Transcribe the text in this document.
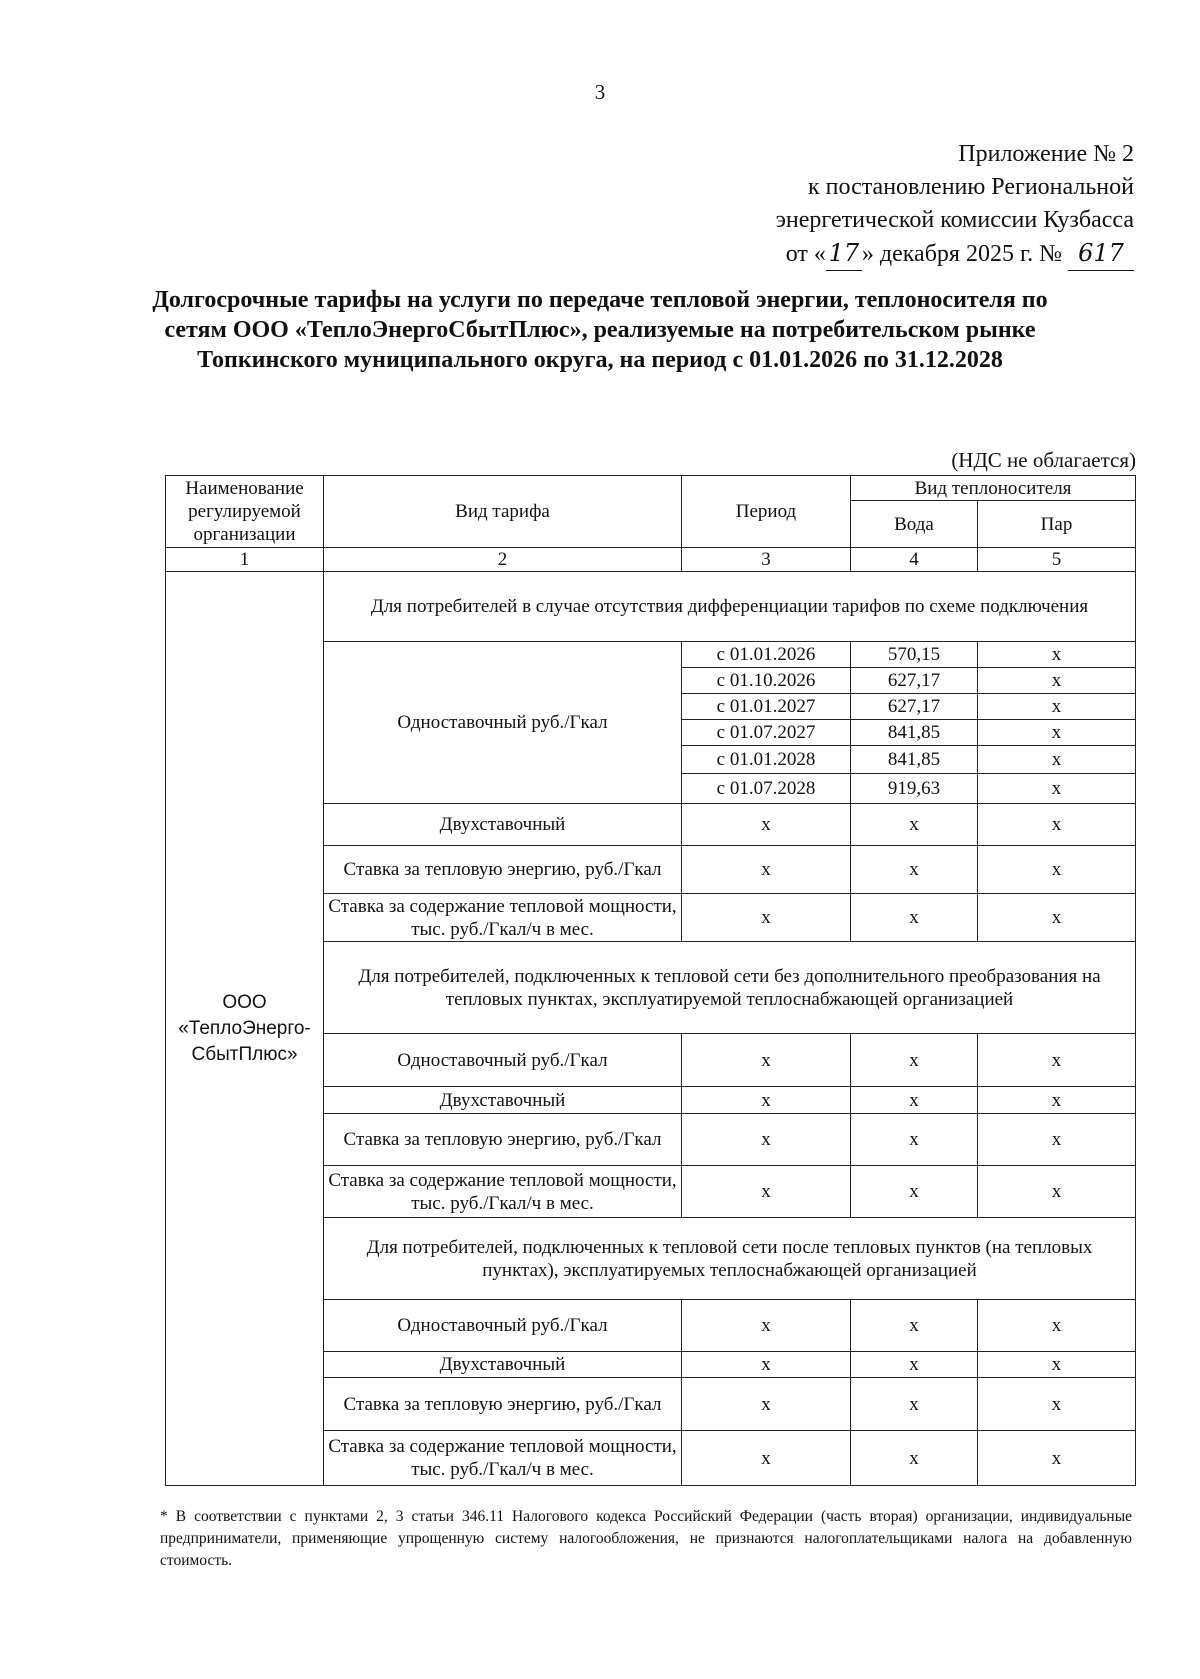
3
Приложение № 2
к постановлению Региональной
энергетической комиссии Кузбасса
от « 17 » декабря 2025 г. № 617
Долгосрочные тарифы на услуги по передаче тепловой энергии, теплоносителя по сетям ООО «ТеплоЭнергоСбытПлюс», реализуемые на потребительском рынке Топкинского муниципального округа, на период с 01.01.2026 по 31.12.2028
(НДС не облагается)
Наименование регулируемой организации	Вид тарифа	Период	Вид теплоносителя	
			Вода	Пар
1	2	3	4	5
ООО «ТеплоЭнерго-СбытПлюс»	Для потребителей в случае отсутствия дифференциации тарифов по схеме подключения			
	Одноставочный руб./Гкал	с 01.01.2026	570,15	x
		с 01.10.2026	627,17	x
		с 01.01.2027	627,17	x
		с 01.07.2027	841,85	x
		с 01.01.2028	841,85	x
		с 01.07.2028	919,63	x
	Двухставочный	x	x	x
	Ставка за тепловую энергию, руб./Гкал	x	x	x
	Ставка за содержание тепловой мощности, тыс. руб./Гкал/ч в мес.	x	x	x
	Для потребителей, подключенных к тепловой сети без дополнительного преобразования на тепловых пунктах, эксплуатируемой теплоснабжающей организацией			
	Одноставочный руб./Гкал	x	x	x
	Двухставочный	x	x	x
	Ставка за тепловую энергию, руб./Гкал	x	x	x
	Ставка за содержание тепловой мощности, тыс. руб./Гкал/ч в мес.	x	x	x
	Для потребителей, подключенных к тепловой сети после тепловых пунктов (на тепловых пунктах), эксплуатируемых теплоснабжающей организацией			
	Одноставочный руб./Гкал	x	x	x
	Двухставочный	x	x	x
	Ставка за тепловую энергию, руб./Гкал	x	x	x
	Ставка за содержание тепловой мощности, тыс. руб./Гкал/ч в мес.	x	x	x
* В соответствии с пунктами 2, 3 статьи 346.11 Налогового кодекса Российский Федерации (часть вторая) организации, индивидуальные предприниматели, применяющие упрощенную систему налогообложения, не признаются налогоплательщиками налога на добавленную стоимость.
